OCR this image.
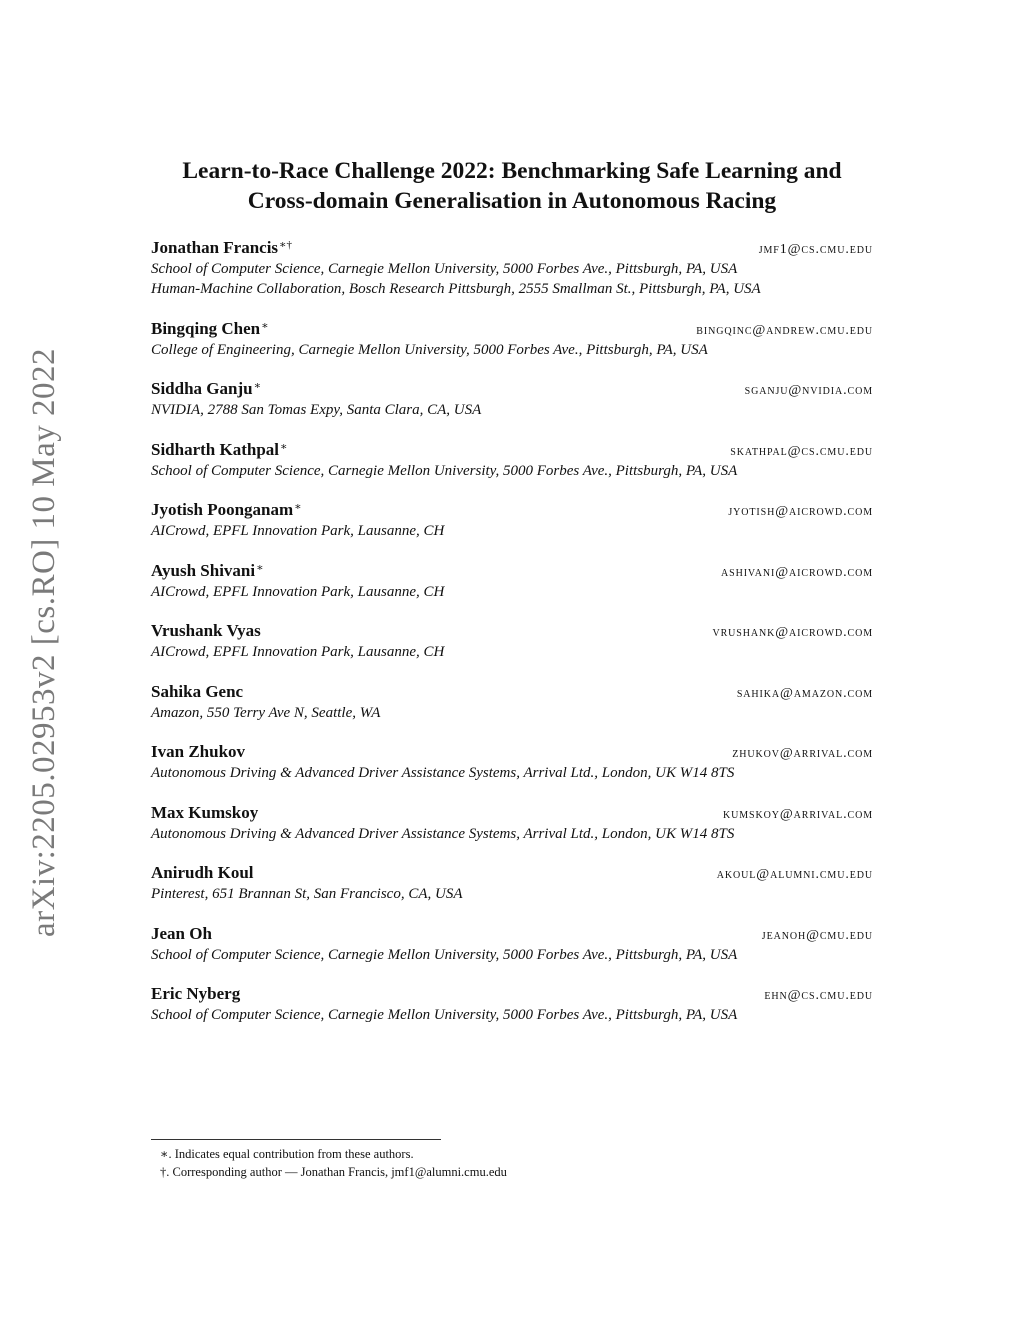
arXiv:2205.02953v2 [cs.RO] 10 May 2022
Learn-to-Race Challenge 2022: Benchmarking Safe Learning and
Cross-domain Generalisation in Autonomous Racing
Jonathan Francis∗†	jmf1@cs.cmu.edu
School of Computer Science, Carnegie Mellon University, 5000 Forbes Ave., Pittsburgh, PA, USA
Human-Machine Collaboration, Bosch Research Pittsburgh, 2555 Smallman St., Pittsburgh, PA, USA
Bingqing Chen∗	bingqinc@andrew.cmu.edu
College of Engineering, Carnegie Mellon University, 5000 Forbes Ave., Pittsburgh, PA, USA
Siddha Ganju∗	sganju@nvidia.com
NVIDIA, 2788 San Tomas Expy, Santa Clara, CA, USA
Sidharth Kathpal∗	skathpal@cs.cmu.edu
School of Computer Science, Carnegie Mellon University, 5000 Forbes Ave., Pittsburgh, PA, USA
Jyotish Poonganam∗	jyotish@aicrowd.com
AICrowd, EPFL Innovation Park, Lausanne, CH
Ayush Shivani∗	ashivani@aicrowd.com
AICrowd, EPFL Innovation Park, Lausanne, CH
Vrushank Vyas	vrushank@aicrowd.com
AICrowd, EPFL Innovation Park, Lausanne, CH
Sahika Genc	sahika@amazon.com
Amazon, 550 Terry Ave N, Seattle, WA
Ivan Zhukov	zhukov@arrival.com
Autonomous Driving & Advanced Driver Assistance Systems, Arrival Ltd., London, UK W14 8TS
Max Kumskoy	kumskoy@arrival.com
Autonomous Driving & Advanced Driver Assistance Systems, Arrival Ltd., London, UK W14 8TS
Anirudh Koul	akoul@alumni.cmu.edu
Pinterest, 651 Brannan St, San Francisco, CA, USA
Jean Oh	jeanoh@cmu.edu
School of Computer Science, Carnegie Mellon University, 5000 Forbes Ave., Pittsburgh, PA, USA
Eric Nyberg	ehn@cs.cmu.edu
School of Computer Science, Carnegie Mellon University, 5000 Forbes Ave., Pittsburgh, PA, USA
∗. Indicates equal contribution from these authors.
†. Corresponding author — Jonathan Francis, jmf1@alumni.cmu.edu
